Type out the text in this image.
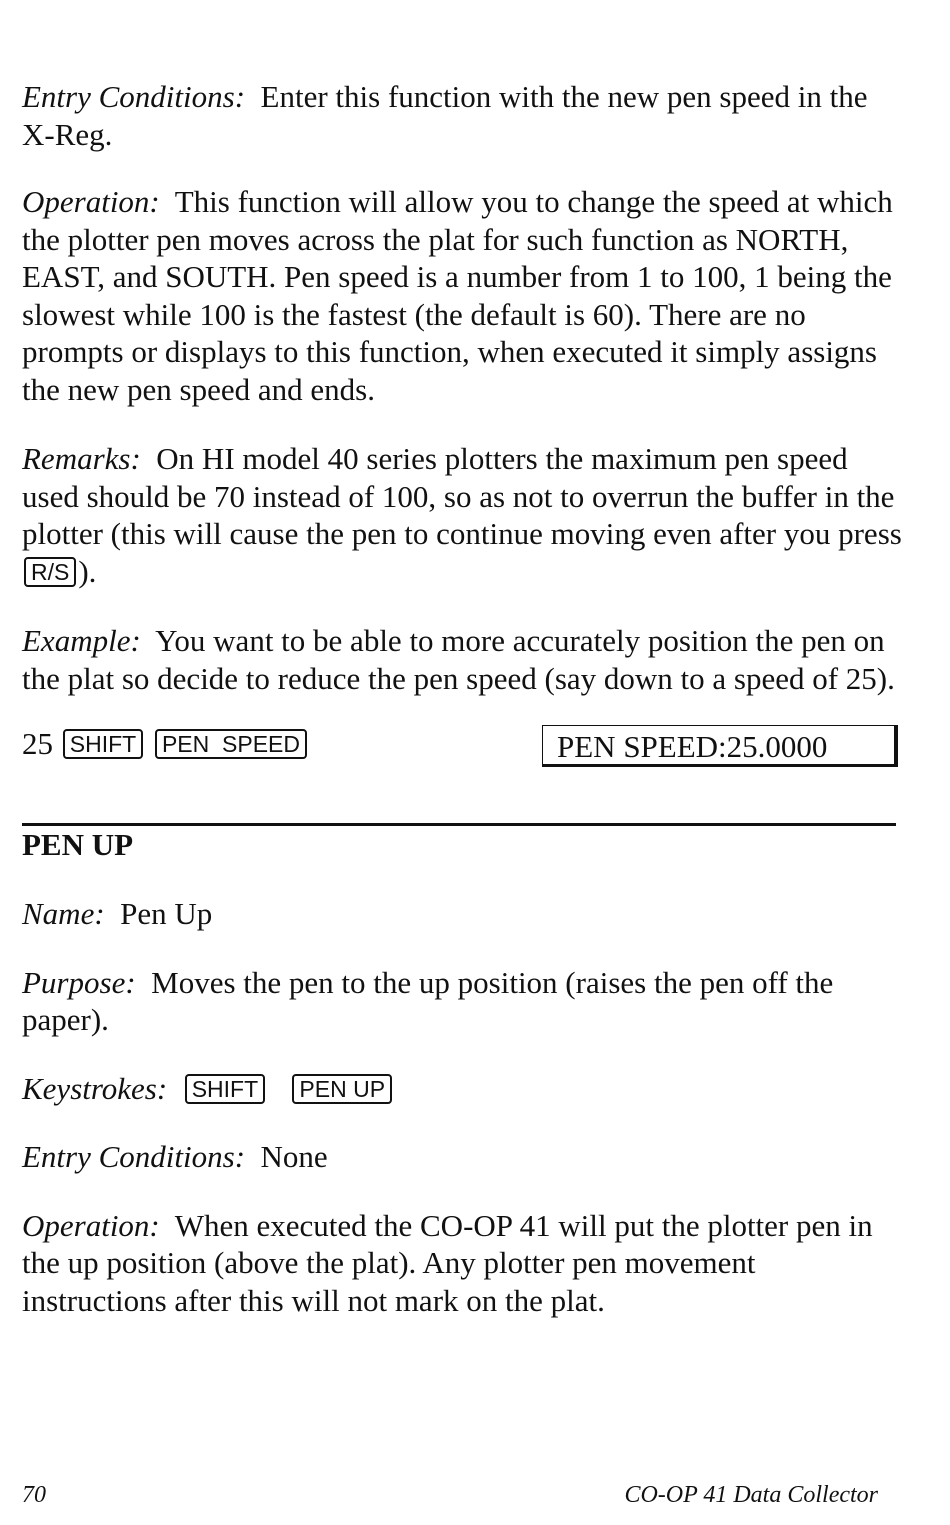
Entry Conditions: Enter this function with the new pen speed in the X-Reg.

Operation: This function will allow you to change the speed at which the plotter pen moves across the plat for such function as NORTH, EAST, and SOUTH. Pen speed is a number from 1 to 100, 1 being the slowest while 100 is the fastest (the default is 60). There are no prompts or displays to this function, when executed it simply assigns the new pen speed and ends.

Remarks: On HI model 40 series plotters the maximum pen speed used should be 70 instead of 100, so as not to overrun the buffer in the plotter (this will cause the pen to continue moving even after you press R/S ).

Example: You want to be able to more accurately position the pen on the plat so decide to reduce the pen speed (say down to a speed of 25).

25 SHIFT PEN  SPEED	PEN SPEED:25.0000

PEN UP

Name: Pen Up

Purpose: Moves the pen to the up position (raises the pen off the paper).

Keystrokes: SHIFT PEN UP

Entry Conditions: None

Operation: When executed the CO-OP 41 will put the plotter pen in the up position (above the plat). Any plotter pen movement instructions after this will not mark on the plat.

70	CO-OP 41 Data Collector
